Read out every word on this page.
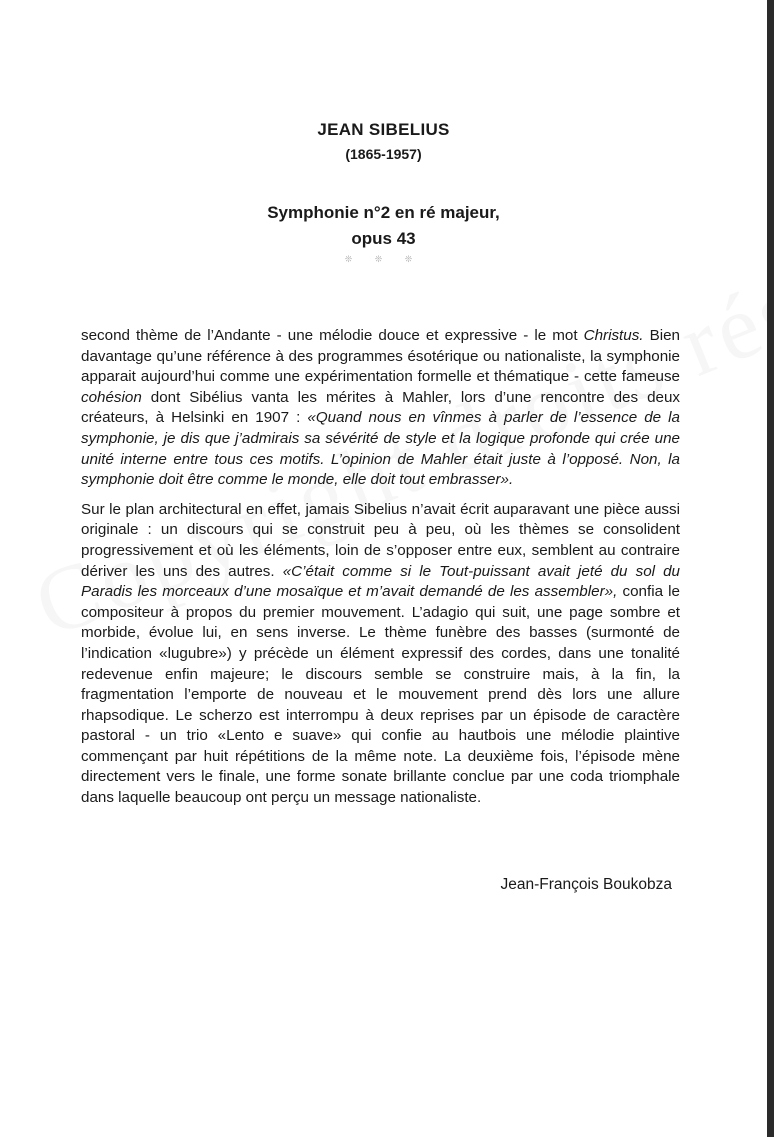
JEAN SIBELIUS
(1865-1957)
Symphonie n°2 en ré majeur,
opus 43
❊ ❊ ❊

second thème de l’Andante - une mélodie douce et expressive - le mot Christus. Bien davantage qu’une référence à des programmes ésotérique ou nationaliste, la symphonie apparait aujourd’hui comme une expérimentation formelle et thématique - cette fameuse cohésion dont Sibélius vanta les mérites à Mahler, lors d’une rencontre des deux créateurs, à Helsinki en 1907 : «Quand nous en vînmes à parler de l’essence de la symphonie, je dis que j’admirais sa sévérité de style et la logique profonde qui crée une unité interne entre tous ces motifs. L’opinion de Mahler était juste à l’opposé. Non, la symphonie doit être comme le monde, elle doit tout embrasser».

Sur le plan architectural en effet, jamais Sibelius n’avait écrit auparavant une pièce aussi originale : un discours qui se construit peu à peu, où les thèmes se consolident progressivement et où les éléments, loin de s’opposer entre eux, semblent au contraire dériver les uns des autres. «C’était comme si le Tout-puissant avait jeté du sol du Paradis les morceaux d’une mosaïque et m’avait demandé de les assembler», confia le compositeur à propos du premier mouvement. L’adagio qui suit, une page sombre et morbide, évolue lui, en sens inverse. Le thème funèbre des basses (surmonté de l’indication «lugubre») y précède un élément expressif des cordes, dans une tonalité redevenue enfin majeure; le discours semble se construire mais, à la fin, la fragmentation l’emporte de nouveau et le mouvement prend dès lors une allure rhapsodique. Le scherzo est interrompu à deux reprises par un épisode de caractère pastoral - un trio «Lento e suave» qui confie au hautbois une mélodie plaintive commençant par huit répétitions de la même note. La deuxième fois, l’épisode mène directement vers le finale, une forme sonate brillante conclue par une coda triomphale dans laquelle beaucoup ont perçu un message nationaliste.

Jean-François Boukobza
